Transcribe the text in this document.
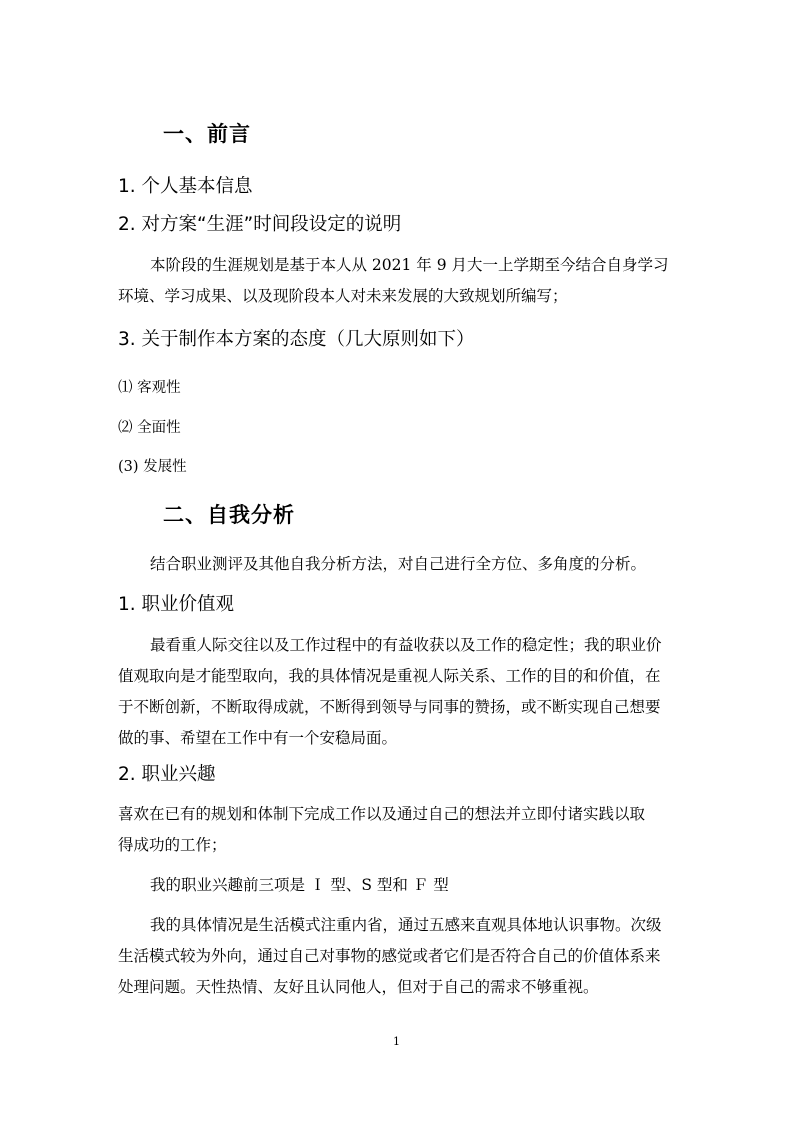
一、前言
1. 个人基本信息
2. 对方案“生涯”时间段设定的说明
本阶段的生涯规划是基于本人从 2021 年 9 月大一上学期至今结合自身学习
环境、学习成果、以及现阶段本人对未来发展的大致规划所编写；
3. 关于制作本方案的态度（几大原则如下）
⑴ 客观性
⑵ 全面性
(3) 发展性
二、自我分析
结合职业测评及其他自我分析方法，对自己进行全方位、多角度的分析。
1. 职业价值观
最看重人际交往以及工作过程中的有益收获以及工作的稳定性；我的职业价
值观取向是才能型取向，我的具体情况是重视人际关系、工作的目的和价值，在
于不断创新，不断取得成就，不断得到领导与同事的赞扬，或不断实现自己想要
做的事、希望在工作中有一个安稳局面。
2. 职业兴趣
喜欢在已有的规划和体制下完成工作以及通过自己的想法并立即付诸实践以取
得成功的工作；
我的职业兴趣前三项是 Ｉ 型、S 型和 Ｆ 型
我的具体情况是生活模式注重内省，通过五感来直观具体地认识事物。次级
生活模式较为外向，通过自己对事物的感觉或者它们是否符合自己的价值体系来
处理问题。天性热情、友好且认同他人，但对于自己的需求不够重视。
1
